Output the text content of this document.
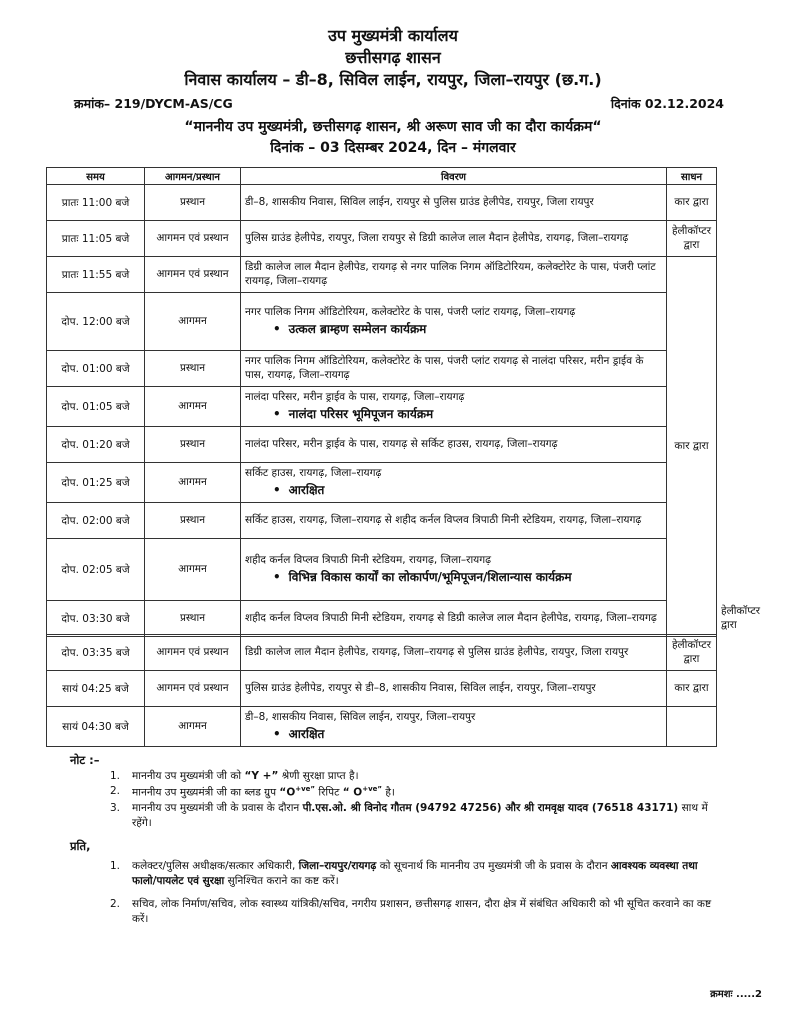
उप मुख्यमंत्री कार्यालय
छत्तीसगढ़ शासन
निवास कार्यालय – डी–8, सिविल लाईन, रायपुर, जिला–रायपुर (छ.ग.)
क्रमांक– 219/DYCM-AS/CG	दिनांक 02.12.2024
“माननीय उप मुख्यमंत्री, छत्तीसगढ़ शासन, श्री अरूण साव जी का दौरा कार्यक्रम“
दिनांक – 03 दिसम्बर 2024, दिन – मंगलवार
समय	आगमन/प्रस्थान	विवरण	साधन	
प्रातः 11:00 बजे	प्रस्थान	डी–8, शासकीय निवास, सिविल लाईन, रायपुर से पुलिस ग्राउंड हेलीपेड, रायपुर, जिला रायपुर	कार द्वारा	
प्रातः 11:05 बजे	आगमन एवं प्रस्थान	पुलिस ग्राउंड हेलीपेड, रायपुर, जिला रायपुर से डिग्री कालेज लाल मैदान हेलीपेड, रायगढ़, जिला–रायगढ़	हेलीकॉप्टर द्वारा	
प्रातः 11:55 बजे	आगमन एवं प्रस्थान	डिग्री कालेज लाल मैदान हेलीपेड, रायगढ़ से नगर पालिक निगम ऑडिटोरियम, कलेक्टोरेट के पास, पंजरी प्लांट रायगढ़, जिला–रायगढ़	कार द्वारा	
दोप. 12:00 बजे	आगमन	नगर पालिक निगम ऑडिटोरियम, कलेक्टोरेट के पास, पंजरी प्लांट रायगढ़, जिला–रायगढ़
• उत्कल ब्राम्हण सम्मेलन कार्यक्रम

दोप. 01:00 बजे	प्रस्थान	नगर पालिक निगम ऑडिटोरियम, कलेक्टोरेट के पास, पंजरी प्लांट रायगढ़ से नालंदा परिसर, मरीन ड्राईव के पास, रायगढ़, जिला–रायगढ़		
दोप. 01:05 बजे	आगमन	नालंदा परिसर, मरीन ड्राईव के पास, रायगढ़, जिला–रायगढ़
• नालंदा परिसर भूमिपूजन कार्यक्रम

दोप. 01:20 बजे	प्रस्थान	नालंदा परिसर, मरीन ड्राईव के पास, रायगढ़ से सर्किट हाउस, रायगढ़, जिला–रायगढ़		
दोप. 01:25 बजे	आगमन	सर्किट हाउस, रायगढ़, जिला–रायगढ़
• आरक्षित

दोप. 02:00 बजे	प्रस्थान	सर्किट हाउस, रायगढ़, जिला–रायगढ़ से शहीद कर्नल विप्लव त्रिपाठी मिनी स्टेडियम, रायगढ़, जिला–रायगढ़		
दोप. 02:05 बजे	आगमन	शहीद कर्नल विप्लव त्रिपाठी मिनी स्टेडियम, रायगढ़, जिला–रायगढ़
• विभिन्न विकास कार्यों का लोकार्पण/भूमिपूजन/शिलान्यास कार्यक्रम

दोप. 03:30 बजे	प्रस्थान	शहीद कर्नल विप्लव त्रिपाठी मिनी स्टेडियम, रायगढ़ से डिग्री कालेज लाल मैदान हेलीपेड, रायगढ़, जिला–रायगढ़		हेलीकॉप्टर द्वारा
दोप. 03:35 बजे	आगमन एवं प्रस्थान	डिग्री कालेज लाल मैदान हेलीपेड, रायगढ़, जिला–रायगढ़ से पुलिस ग्राउंड हेलीपेड, रायपुर, जिला रायपुर	हेलीकॉप्टर द्वारा
सायं 04:25 बजे	आगमन एवं प्रस्थान	पुलिस ग्राउंड हेलीपेड, रायपुर से डी–8, शासकीय निवास, सिविल लाईन, रायपुर, जिला–रायपुर	कार द्वारा
सायं 04:30 बजे	आगमन	डी–8, शासकीय निवास, सिविल लाईन, रायपुर, जिला–रायपुर
• आरक्षित

नोट :–
1.	माननीय उप मुख्यमंत्री जी को “Y +” श्रेणी सुरक्षा प्राप्त है।
2.	माननीय उप मुख्यमंत्री जी का ब्लड ग्रुप “$O^{+ve”}$ रिपिट “ $O^{+ve”}$ है।
3.	माननीय उप मुख्यमंत्री जी के प्रवास के दौरान पी.एस.ओ. श्री विनोद गौतम (94792 47256) और श्री रामवृक्ष यादव (76518 43171) साथ में रहेंगे।
प्रति,
1.	कलेक्टर/पुलिस अधीक्षक/सत्कार अधिकारी, जिला–रायपुर/रायगढ़ को सूचनार्थ कि माननीय उप मुख्यमंत्री जी के प्रवास के दौरान आवश्यक व्यवस्था तथा फालो/पायलेट एवं सुरक्षा सुनिश्चित कराने का कष्ट करें।
2.	सचिव, लोक निर्माण/सचिव, लोक स्वास्थ्य यांत्रिकी/सचिव, नगरीय प्रशासन, छत्तीसगढ़ शासन, दौरा क्षेत्र में संबंधित अधिकारी को भी सूचित करवाने का कष्ट करें।
क्रमशः .....2
